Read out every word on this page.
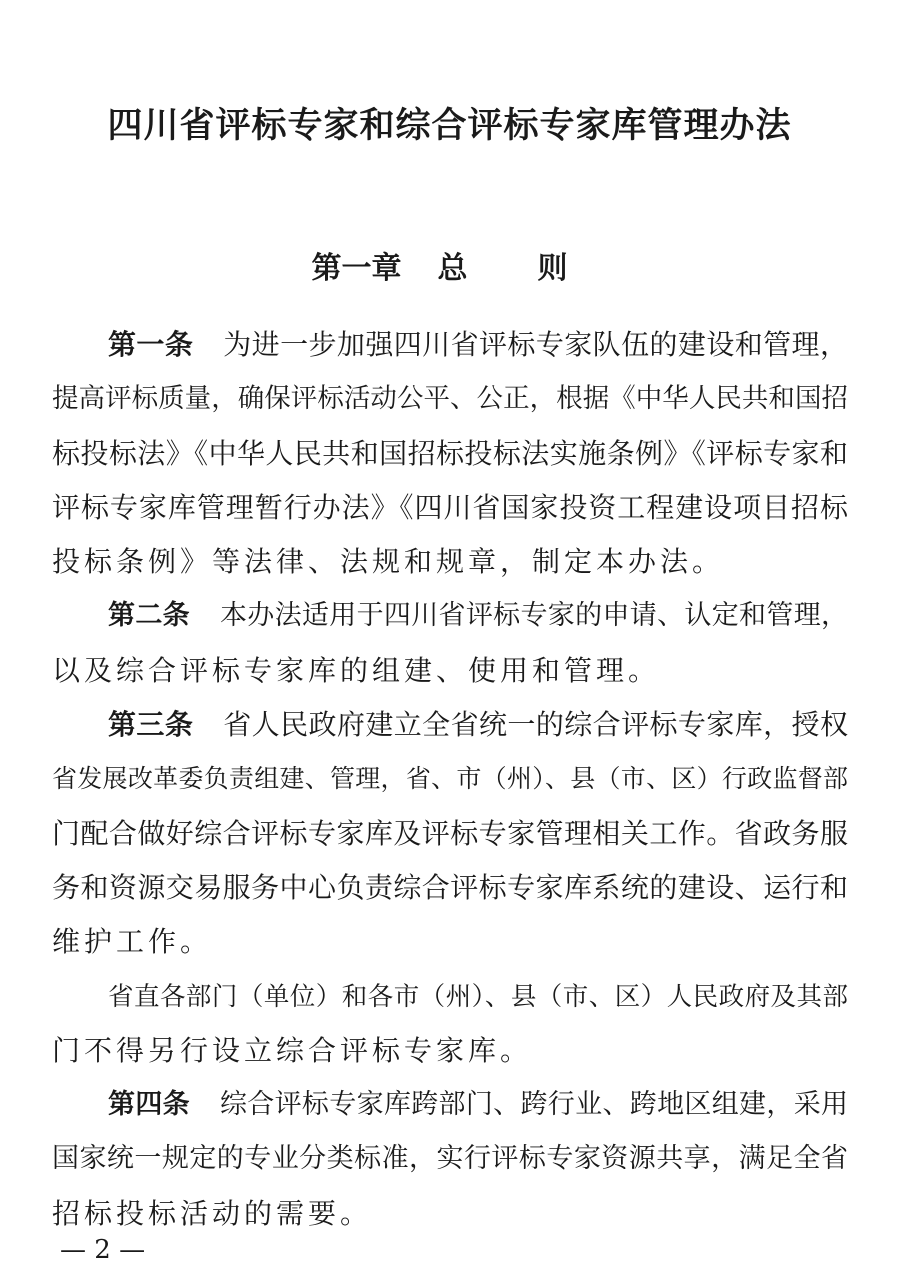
四川省评标专家和综合评标专家库管理办法
第一章 总　则
第一条 为进一步加强四川省评标专家队伍的建设和管理，
提高评标质量，确保评标活动公平、公正，根据《中华人民共和国招
标投标法》《中华人民共和国招标投标法实施条例》《评标专家和
评标专家库管理暂行办法》《四川省国家投资工程建设项目招标
投标条例》等法律、法规和规章，制定本办法。
第二条 本办法适用于四川省评标专家的申请、认定和管理，
以及综合评标专家库的组建、使用和管理。
第三条 省人民政府建立全省统一的综合评标专家库，授权
省发展改革委负责组建、管理，省、市（州）、县（市、区）行政监督部
门配合做好综合评标专家库及评标专家管理相关工作。省政务服
务和资源交易服务中心负责综合评标专家库系统的建设、运行和
维护工作。
省直各部门（单位）和各市（州）、县（市、区）人民政府及其部
门不得另行设立综合评标专家库。
第四条 综合评标专家库跨部门、跨行业、跨地区组建，采用
国家统一规定的专业分类标准，实行评标专家资源共享，满足全省
招标投标活动的需要。
— 2 —
